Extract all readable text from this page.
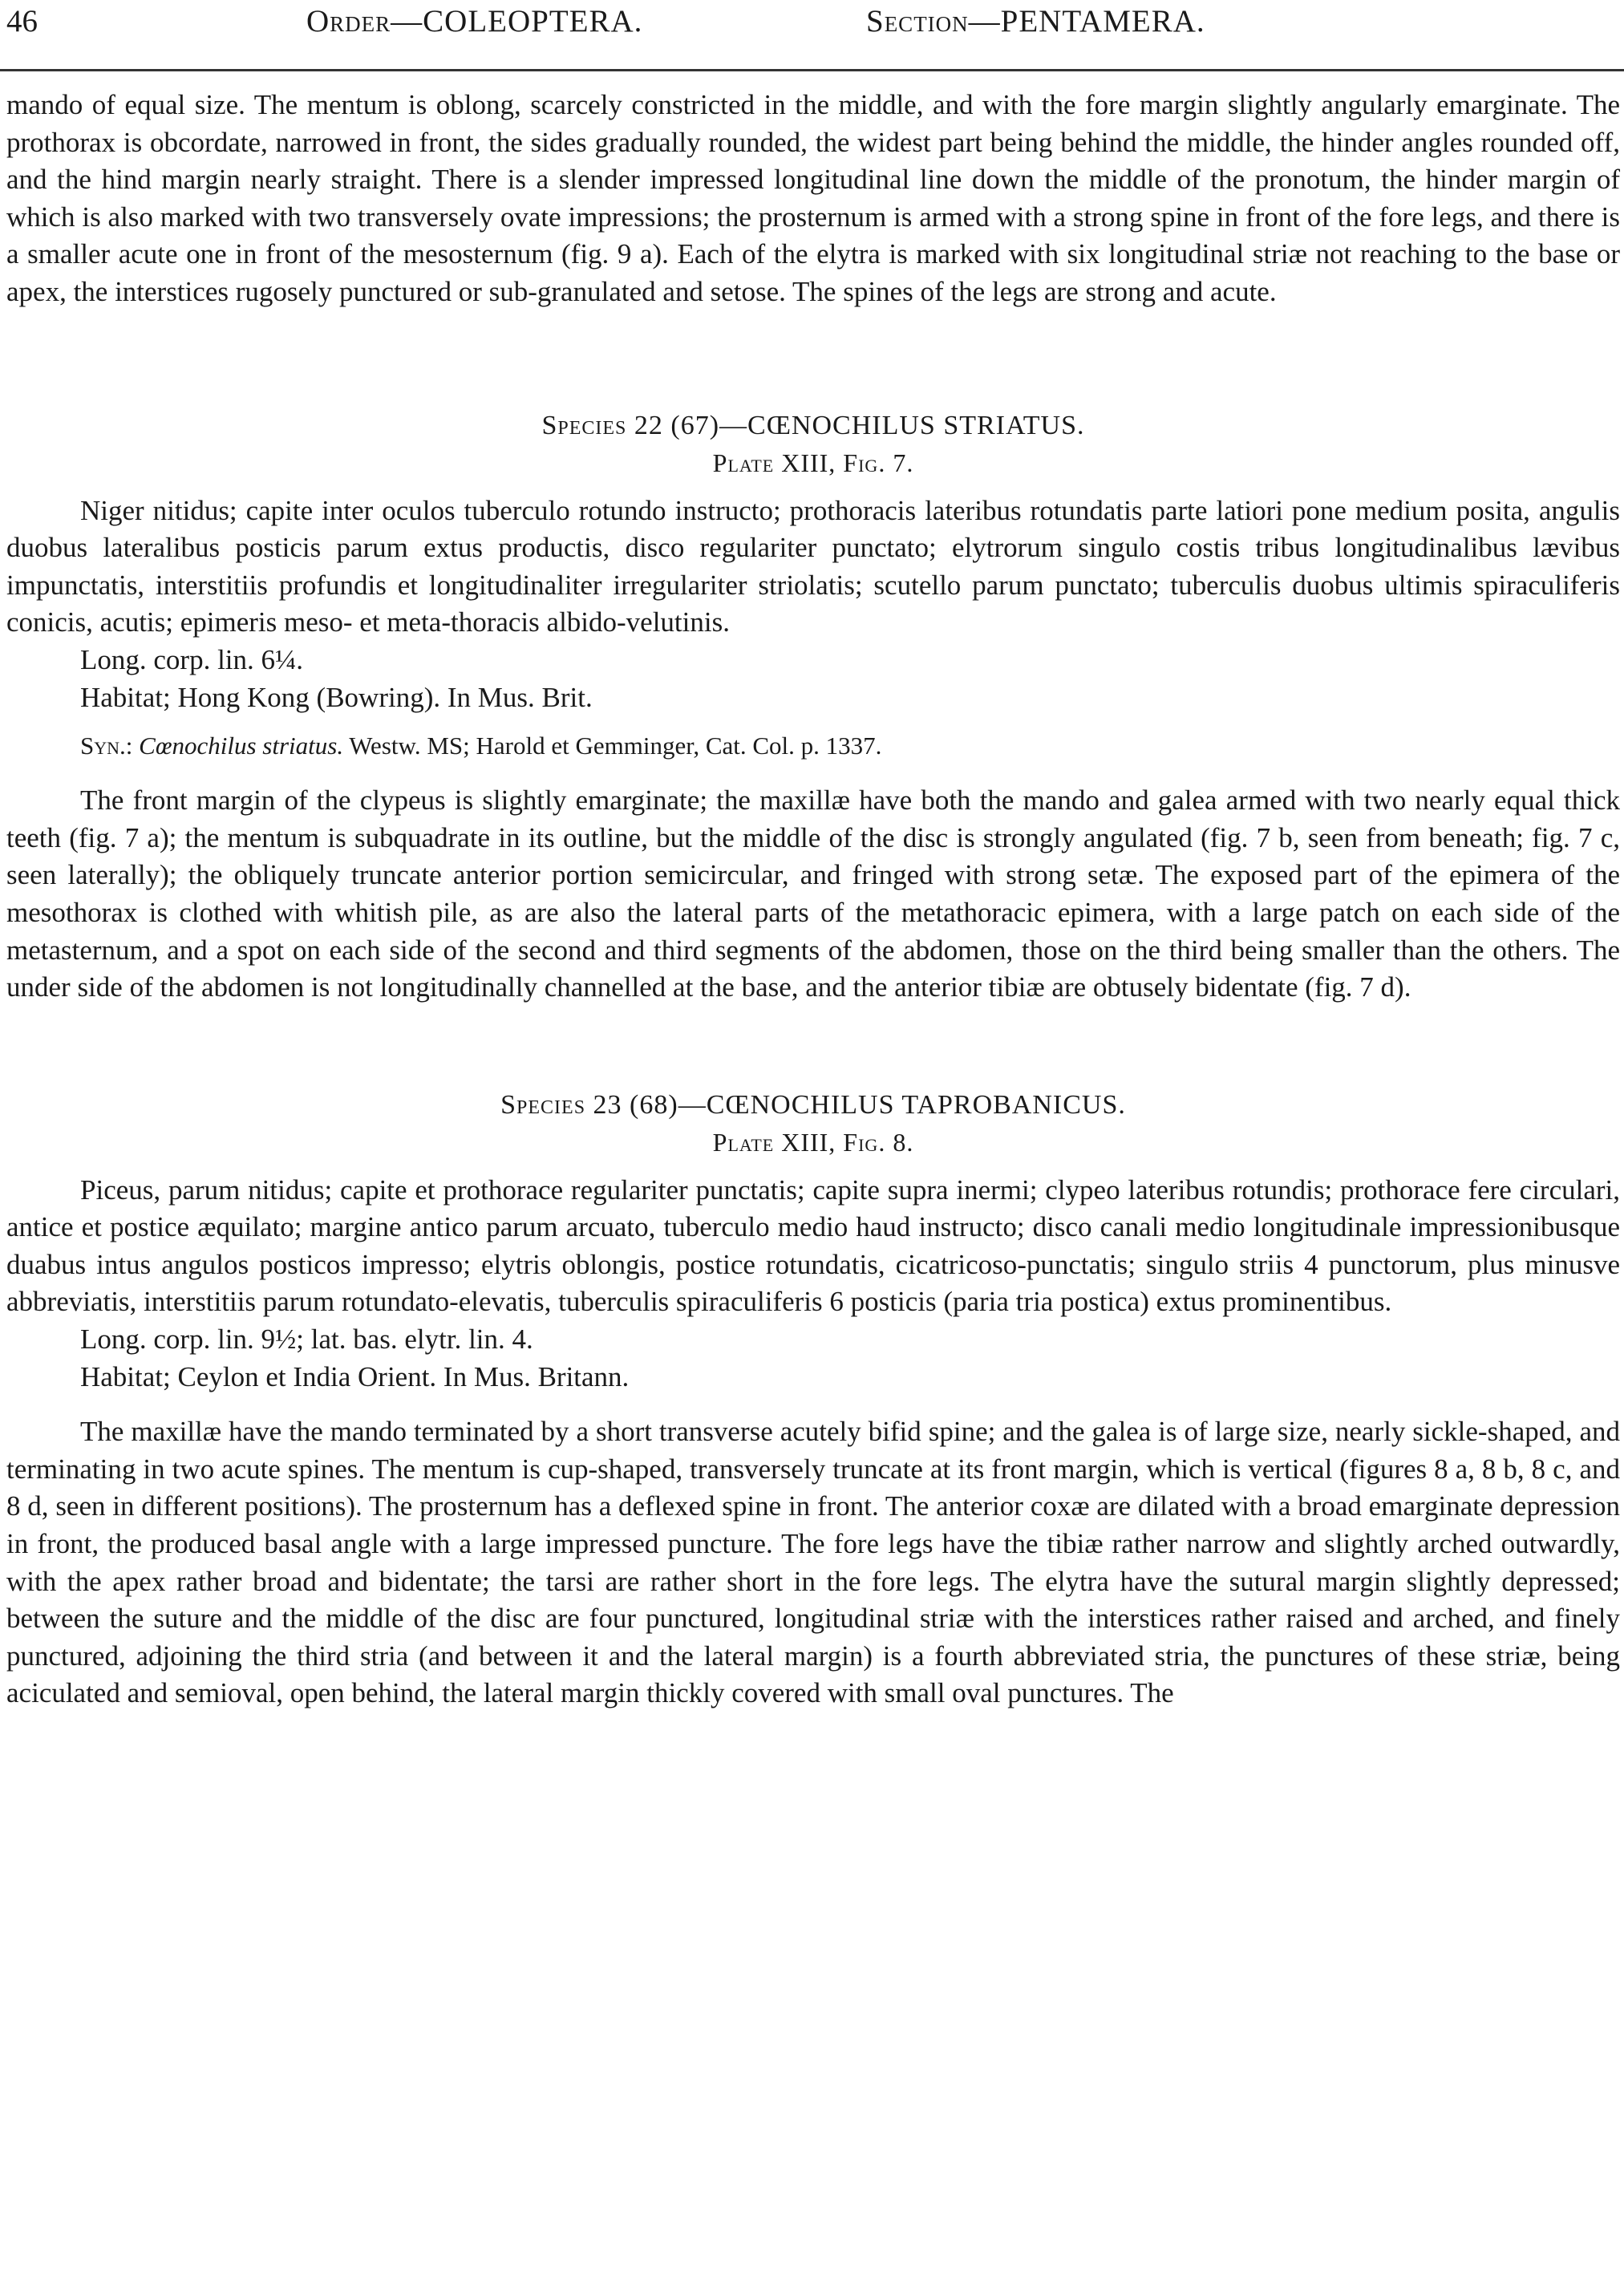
46	Order—COLEOPTERA.	Section—PENTAMERA.

mando of equal size. The mentum is oblong, scarcely constricted in the middle, and with the fore margin slightly angularly emarginate. The prothorax is obcordate, narrowed in front, the sides gradually rounded, the widest part being behind the middle, the hinder angles rounded off, and the hind margin nearly straight. There is a slender impressed longitudinal line down the middle of the pronotum, the hinder margin of which is also marked with two transversely ovate impressions; the prosternum is armed with a strong spine in front of the fore legs, and there is a smaller acute one in front of the mesosternum (fig. 9 a). Each of the elytra is marked with six longitudinal striæ not reaching to the base or apex, the interstices rugosely punctured or sub-granulated and setose. The spines of the legs are strong and acute.

Species 22 (67)—CŒNOCHILUS STRIATUS.

Plate XIII, Fig. 7.

Niger nitidus; capite inter oculos tuberculo rotundo instructo; prothoracis lateribus rotundatis parte latiori pone medium posita, angulis duobus lateralibus posticis parum extus productis, disco regulariter punctato; elytrorum singulo costis tribus longitudinalibus lævibus impunctatis, interstitiis profundis et longitudinaliter irregulariter striolatis; scutello parum punctato; tuberculis duobus ultimis spiraculiferis conicis, acutis; epimeris meso- et meta-thoracis albido-velutinis.

Long. corp. lin. 6¼.

Habitat; Hong Kong (Bowring). In Mus. Brit.

Syn.: Cœnochilus striatus. Westw. MS; Harold et Gemminger, Cat. Col. p. 1337.

The front margin of the clypeus is slightly emarginate; the maxillæ have both the mando and galea armed with two nearly equal thick teeth (fig. 7 a); the mentum is subquadrate in its outline, but the middle of the disc is strongly angulated (fig. 7 b, seen from beneath; fig. 7 c, seen laterally); the obliquely truncate anterior portion semicircular, and fringed with strong setæ. The exposed part of the epimera of the mesothorax is clothed with whitish pile, as are also the lateral parts of the metathoracic epimera, with a large patch on each side of the metasternum, and a spot on each side of the second and third segments of the abdomen, those on the third being smaller than the others. The under side of the abdomen is not longitudinally channelled at the base, and the anterior tibiæ are obtusely bidentate (fig. 7 d).

Species 23 (68)—CŒNOCHILUS TAPROBANICUS.

Plate XIII, Fig. 8.

Piceus, parum nitidus; capite et prothorace regulariter punctatis; capite supra inermi; clypeo lateribus rotundis; prothorace fere circulari, antice et postice æquilato; margine antico parum arcuato, tuberculo medio haud instructo; disco canali medio longitudinale impressionibusque duabus intus angulos posticos impresso; elytris oblongis, postice rotundatis, cicatricoso-punctatis; singulo striis 4 punctorum, plus minusve abbreviatis, interstitiis parum rotundato-elevatis, tuberculis spiraculiferis 6 posticis (paria tria postica) extus prominentibus.

Long. corp. lin. 9½; lat. bas. elytr. lin. 4.

Habitat; Ceylon et India Orient. In Mus. Britann.

The maxillæ have the mando terminated by a short transverse acutely bifid spine; and the galea is of large size, nearly sickle-shaped, and terminating in two acute spines. The mentum is cup-shaped, transversely truncate at its front margin, which is vertical (figures 8 a, 8 b, 8 c, and 8 d, seen in different positions). The prosternum has a deflexed spine in front. The anterior coxæ are dilated with a broad emarginate depression in front, the produced basal angle with a large impressed puncture. The fore legs have the tibiæ rather narrow and slightly arched outwardly, with the apex rather broad and bidentate; the tarsi are rather short in the fore legs. The elytra have the sutural margin slightly depressed; between the suture and the middle of the disc are four punctured, longitudinal striæ with the interstices rather raised and arched, and finely punctured, adjoining the third stria (and between it and the lateral margin) is a fourth abbreviated stria, the punctures of these striæ, being aciculated and semioval, open behind, the lateral margin thickly covered with small oval punctures. The
